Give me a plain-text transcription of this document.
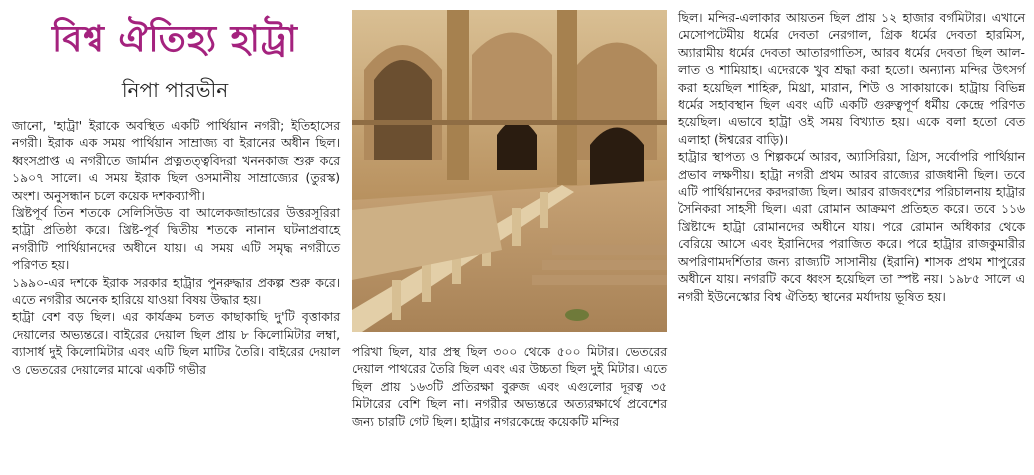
বিশ্ব ঐতিহ্য হাট্রা
নিপা পারভীন

জানো, 'হাট্রা' ইরাকে অবস্থিত একটি পার্থিয়ান নগরী; ইতিহাসের নগরী। ইরাক এক সময় পার্থিয়ান সাম্রাজ্য বা ইরানের অধীন ছিল। ধ্বংসপ্রাপ্ত এ নগরীতে জার্মান প্রত্নতত্ত্ববিদরা খননকাজ শুরু করে ১৯০৭ সালে। এ সময় ইরাক ছিল ওসমানীয় সাম্রাজ্যের (তুরস্ক) অংশ। অনুসন্ধান চলে কয়েক দশকব্যাপী।

খ্রিষ্টপূর্ব তিন শতকে সেলিসিউড বা আলেকজান্ডারের উত্তরসূরিরা হাট্রা প্রতিষ্ঠা করে। খ্রিষ্ট-পূর্ব দ্বিতীয় শতকে নানান ঘটনাপ্রবাহে নগরীটি পার্থিয়ানদের অধীনে যায়। এ সময় এটি সমৃদ্ধ নগরীতে পরিণত হয়।

১৯৯০-এর দশকে ইরাক সরকার হাট্রার পুনরুদ্ধার প্রকল্প শুরু করে। এতে নগরীর অনেক হারিয়ে যাওয়া বিষয় উদ্ধার হয়।

হাট্রা বেশ বড় ছিল। এর কার্যক্রম চলত কাছাকাছি দু'টি বৃত্তাকার দেয়ালের অভ্যন্তরে। বাইরের দেয়াল ছিল প্রায় ৮ কিলোমিটার লম্বা, ব্যাসার্ধ দুই কিলোমিটার এবং এটি ছিল মাটির তৈরি। বাইরের দেয়াল ও ভেতরের দেয়ালের মাঝে একটি গভীর

পরিখা ছিল, যার প্রস্থ ছিল ৩০০ থেকে ৫০০ মিটার। ভেতরের দেয়াল পাথরের তৈরি ছিল এবং এর উচ্চতা ছিল দুই মিটার। এতে ছিল প্রায় ১৬৩টি প্রতিরক্ষা বুরুজ এবং এগুলোর দূরত্ব ৩৫ মিটারের বেশি ছিল না। নগরীর অভ্যন্তরে অত্যরক্ষার্থে প্রবেশের জন্য চারটি গেট ছিল। হাট্রার নগরকেন্দ্রে কয়েকটি মন্দির

ছিল। মন্দির-এলাকার আয়তন ছিল প্রায় ১২ হাজার বর্গমিটার। এখানে মেসোপটেমীয় ধর্মের দেবতা নেরগাল, গ্রিক ধর্মের দেবতা হারমিস, অ্যারামীয় ধর্মের দেবতা আতারগাতিস, আরব ধর্মের দেবতা ছিল আল-লাত ও শামিয়াহ। এদেরকে খুব শ্রদ্ধা করা হতো। অন্যান্য মন্দির উৎসর্গ করা হয়েছিল শাহিরু, মিথ্রা, মারান, শিউ ও সাকায়াকে। হাট্রায় বিভিন্ন ধর্মের সহাবস্থান ছিল এবং এটি একটি গুরুত্বপূর্ণ ধর্মীয় কেন্দ্রে পরিণত হয়েছিল। এভাবে হাট্রা ওই সময় বিখ্যাত হয়। একে বলা হতো বেত এলাহা (ঈশ্বরের বাড়ি)।

হাট্রার স্থাপত্য ও শিল্পকর্মে আরব, অ্যাসিরিয়া, গ্রিস, সর্বোপরি পার্থিয়ান প্রভাব লক্ষণীয়। হাট্রা নগরী প্রথম আরব রাজ্যের রাজধানী ছিল। তবে এটি পার্থিয়ানদের করদরাজ্য ছিল। আরব রাজবংশের পরিচালনায় হাট্রার সৈনিকরা সাহসী ছিল। এরা রোমান আক্রমণ প্রতিহত করে। তবে ১১৬ খ্রিষ্টাব্দে হাট্রা রোমানদের অধীনে যায়। পরে রোমান অধিকার থেকে বেরিয়ে আসে এবং ইরানিদের পরাজিত করে। পরে হাট্রার রাজকুমারীর অপরিণামদর্শিতার জন্য রাজ্যটি সাসানীয় (ইরানি) শাসক প্রথম শাপুরের অধীনে যায়। নগরটি কবে ধ্বংস হয়েছিল তা স্পষ্ট নয়। ১৯৮৫ সালে এ নগরী ইউনেস্কোর বিশ্ব ঐতিহ্য স্থানের মর্যাদায় ভূষিত হয়।
